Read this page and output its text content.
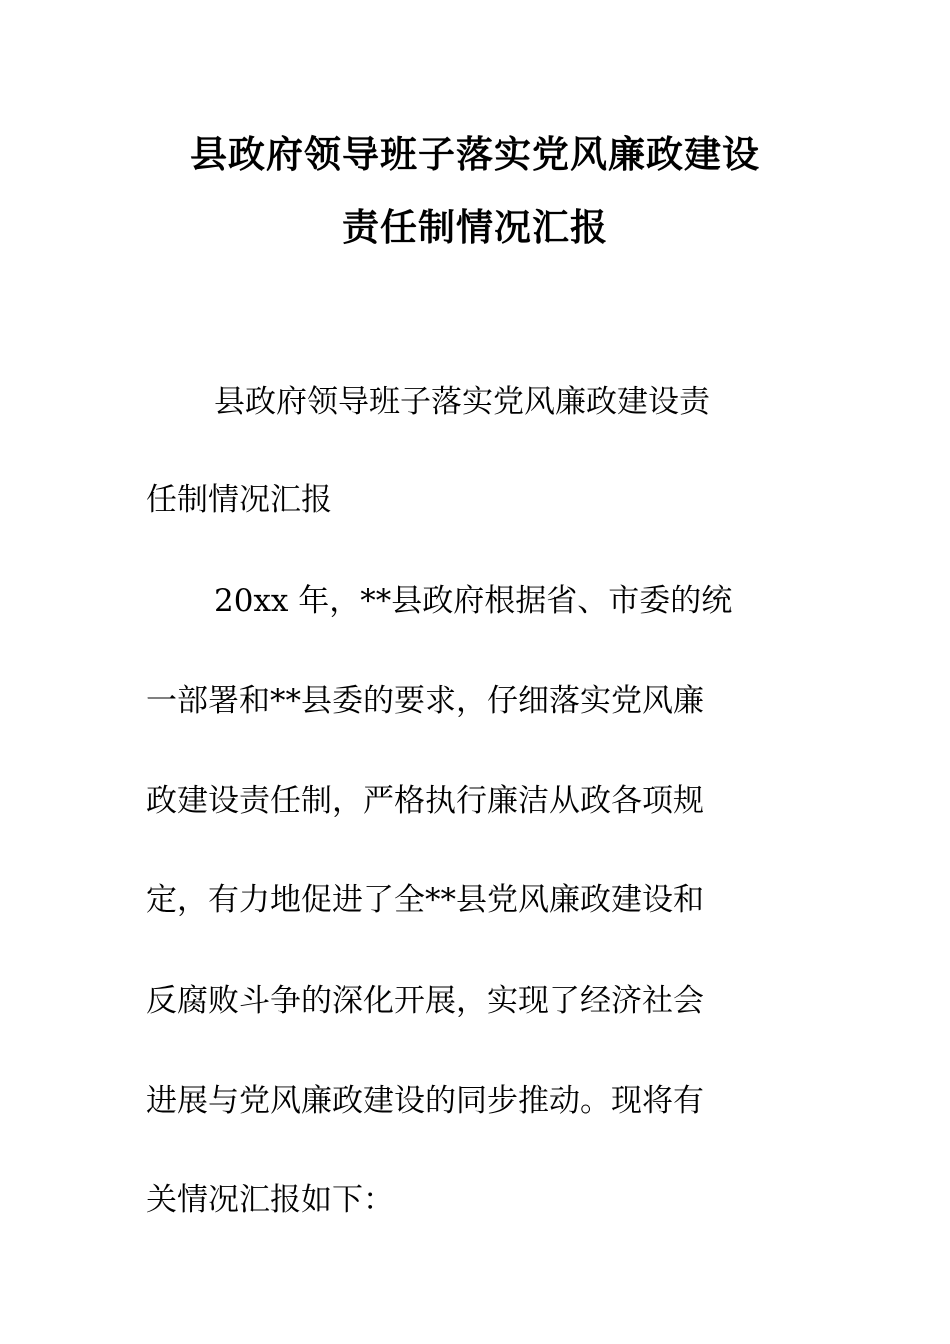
县政府领导班子落实党风廉政建设
责任制情况汇报
县政府领导班子落实党风廉政建设责
任制情况汇报
20xx 年，**县政府根据省、市委的统
一部署和**县委的要求，仔细落实党风廉
政建设责任制，严格执行廉洁从政各项规
定，有力地促进了全**县党风廉政建设和
反腐败斗争的深化开展，实现了经济社会
进展与党风廉政建设的同步推动。现将有
关情况汇报如下：
